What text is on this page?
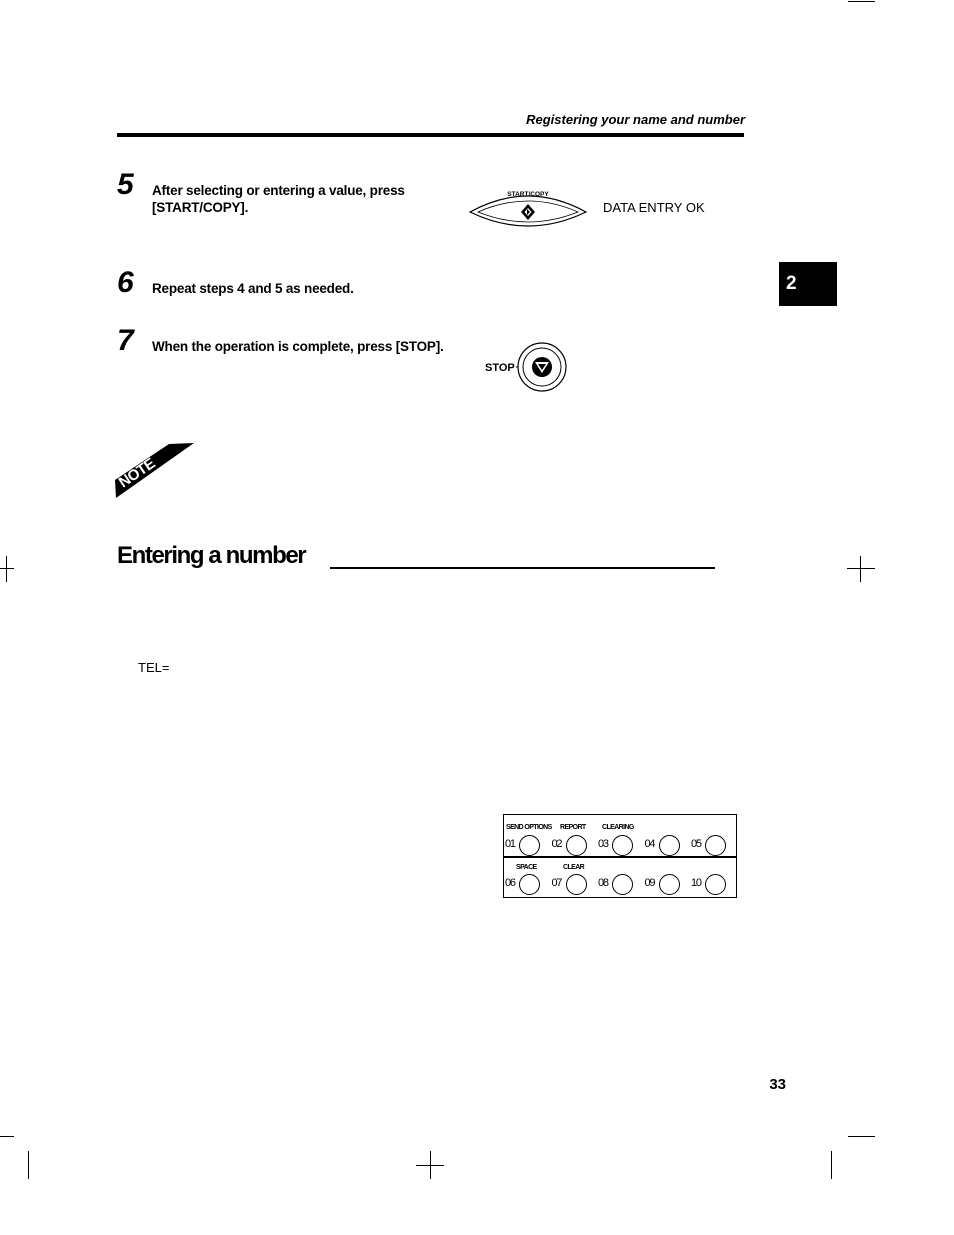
Registering your name and number
5 After selecting or entering a value, press
[START/COPY].
START/COPY
DATA ENTRY OK
6 Repeat steps 4 and 5 as needed.
7 When the operation is complete, press [STOP].
STOP
2
NOTE
Entering a number
TEL=
SEND OPTIONS REPORT CLEARING
SPACE	CLEAR
01	02	03	04	05
06	07	08	09	10
33
